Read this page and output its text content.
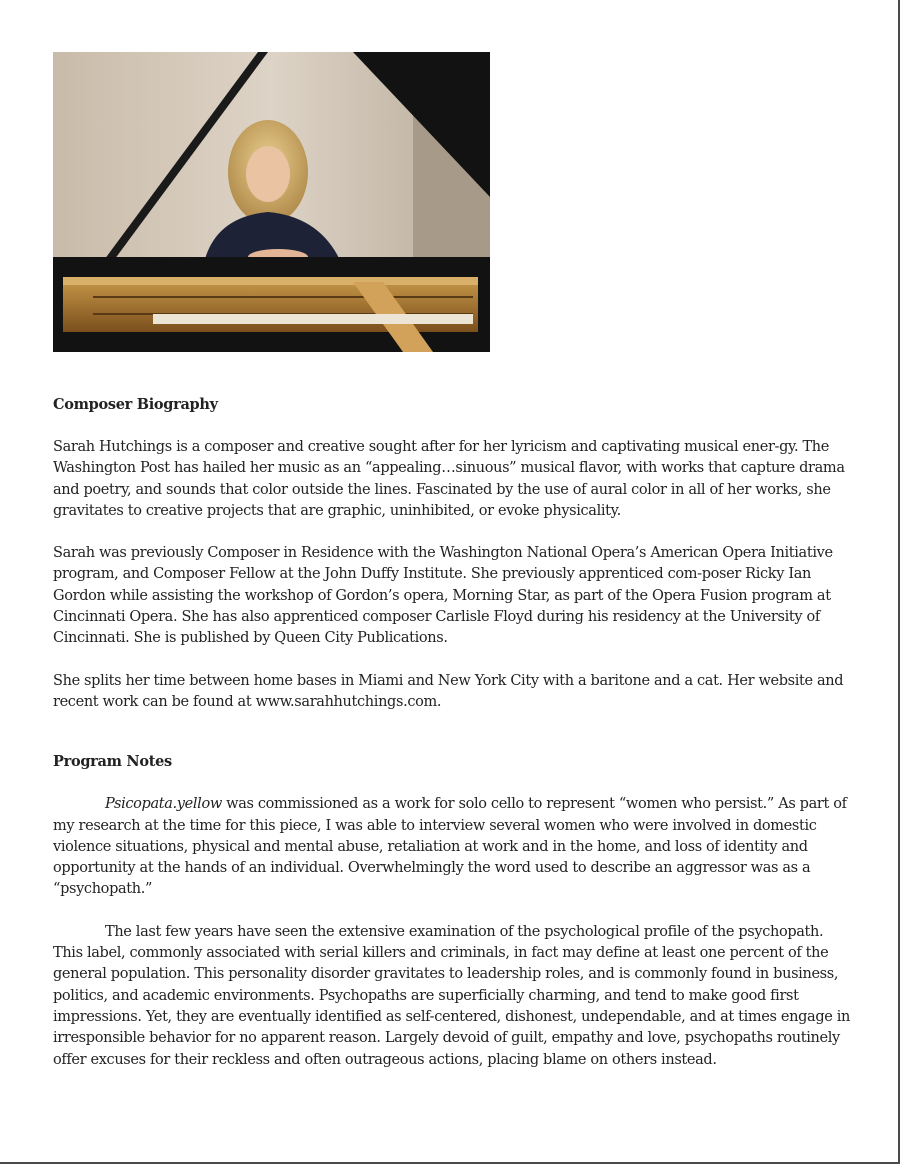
Composer Biography

Sarah Hutchings is a composer and creative sought after for her lyricism and captivating musical ener-gy. The Washington Post has hailed her music as an “appealing…sinuous” musical flavor, with works that capture drama and poetry, and sounds that color outside the lines. Fascinated by the use of aural color in all of her works, she gravitates to creative projects that are graphic, uninhibited, or evoke physicality.

Sarah was previously Composer in Residence with the Washington National Opera’s American Opera Initiative program, and Composer Fellow at the John Duffy Institute. She previously apprenticed com-poser Ricky Ian Gordon while assisting the workshop of Gordon’s opera, Morning Star, as part of the Opera Fusion program at Cincinnati Opera. She has also apprenticed composer Carlisle Floyd during his residency at the University of Cincinnati. She is published by Queen City Publications.

She splits her time between home bases in Miami and New York City with a baritone and a cat. Her website and recent work can be found at www.sarahhutchings.com.

Program Notes

Psicopata.yellow was commissioned as a work for solo cello to represent “women who persist.” As part of my research at the time for this piece, I was able to interview several women who were involved in domestic violence situations, physical and mental abuse, retaliation at work and in the home, and loss of identity and opportunity at the hands of an individual. Overwhelmingly the word used to describe an aggressor was as a “psychopath.”

The last few years have seen the extensive examination of the psychological profile of the psychopath. This label, commonly associated with serial killers and criminals, in fact may define at least one percent of the general population. This personality disorder gravitates to leadership roles, and is commonly found in business, politics, and academic environments. Psychopaths are superficially charming, and tend to make good first impressions. Yet, they are eventually identified as self-centered, dishonest, undependable, and at times engage in irresponsible behavior for no apparent reason. Largely devoid of guilt, empathy and love, psychopaths routinely offer excuses for their reckless and often outrageous actions, placing blame on others instead.
